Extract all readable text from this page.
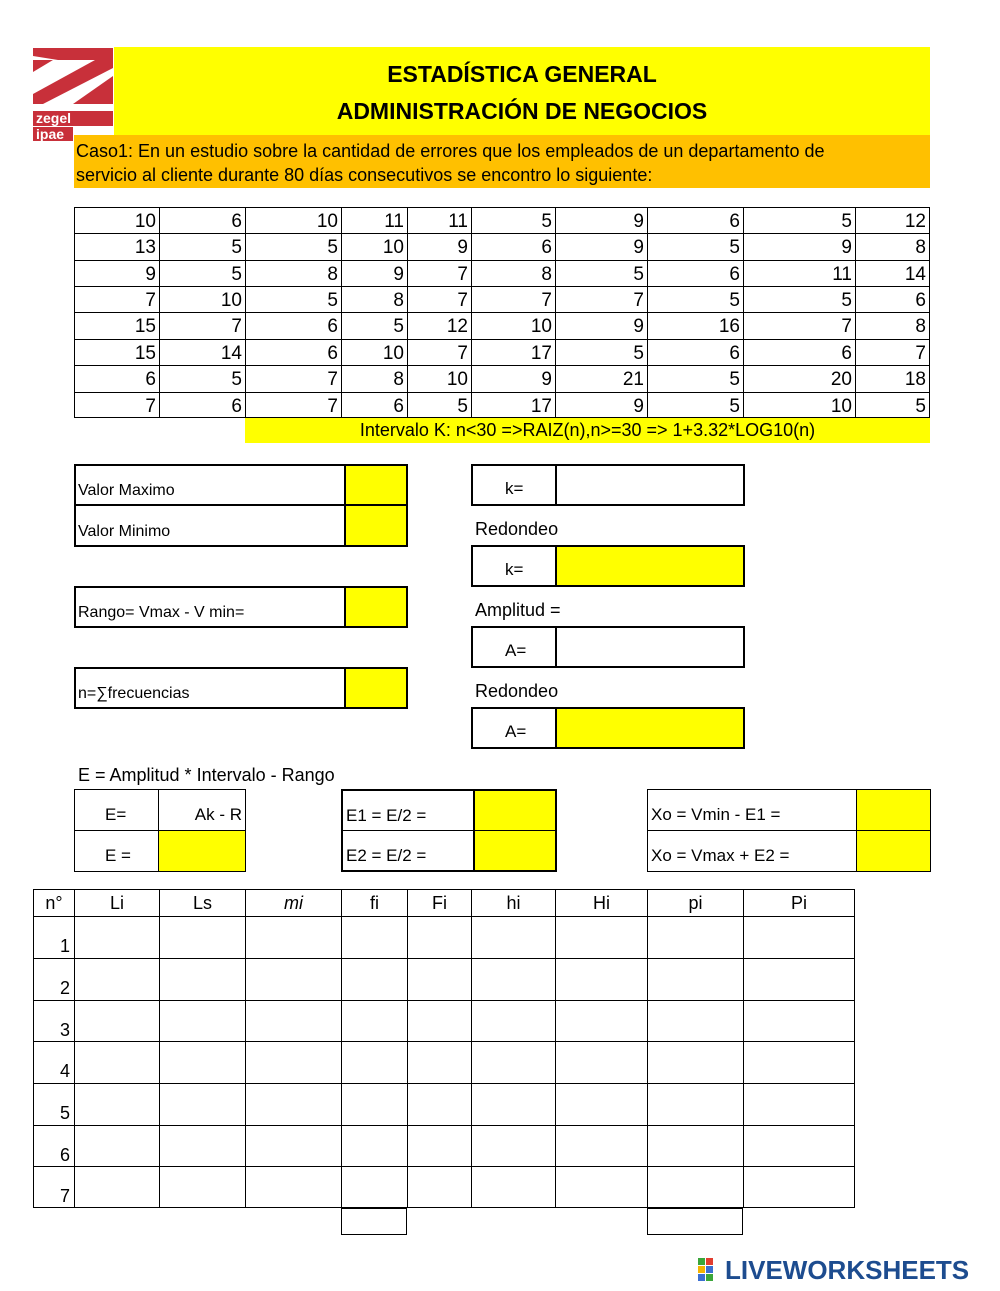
zegel
ipae
ESTADÍSTICA GENERAL
ADMINISTRACIÓN DE NEGOCIOS
Caso1: En un estudio sobre la cantidad de errores que los empleados de un departamento de
servicio al cliente durante 80 días consecutivos se encontro lo siguiente:
10	6	10	11	11	5	9	6	5	12
13	5	5	10	9	6	9	5	9	8
9	5	8	9	7	8	5	6	11	14
7	10	5	8	7	7	7	5	5	6
15	7	6	5	12	10	9	16	7	8
15	14	6	10	7	17	5	6	6	7
6	5	7	8	10	9	21	5	20	18
7	6	7	6	5	17	9	5	10	5
Intervalo K: n<30 =>RAIZ(n),n>=30 => 1+3.32*LOG10(n)
Valor Maximo
Valor Minimo
Rango= Vmax - V min=
n=∑frecuencias
k=
Redondeo
k=
Amplitud =
A=
Redondeo
A=
E = Amplitud * Intervalo - Rango
E=	Ak - R
E =
E1 = E/2 =
E2 = E/2 =
Xo = Vmin - E1 =
Xo = Vmax + E2 =
n°	Li	Ls	mi	fi	Fi	hi	Hi	pi	Pi
1
2
3
4
5
6
7
LIVEWORKSHEETS
